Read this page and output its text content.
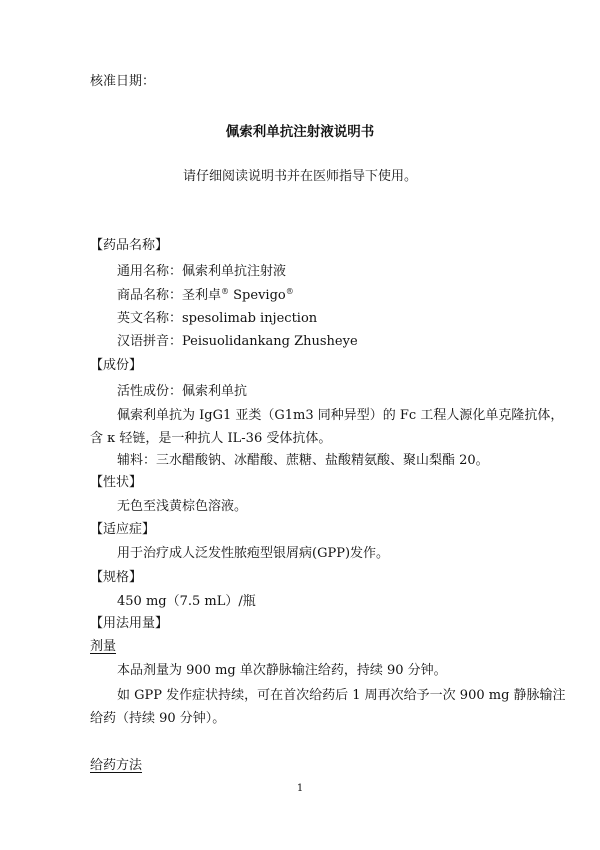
核准日期：
佩索利单抗注射液说明书
请仔细阅读说明书并在医师指导下使用。
【药品名称】
通用名称：佩索利单抗注射液
商品名称：圣利卓® Spevigo®
英文名称：spesolimab injection
汉语拼音：Peisuolidankang Zhusheye
【成份】
活性成份：佩索利单抗
佩索利单抗为 IgG1 亚类（G1m3 同种异型）的 Fc 工程人源化单克隆抗体，
含 κ 轻链，是一种抗人 IL-36 受体抗体。
辅料：三水醋酸钠、冰醋酸、蔗糖、盐酸精氨酸、聚山梨酯 20。
【性状】
无色至浅黄棕色溶液。
【适应症】
用于治疗成人泛发性脓疱型银屑病(GPP)发作。
【规格】
450 mg（7.5 mL）/瓶
【用法用量】
剂量
本品剂量为 900 mg 单次静脉输注给药，持续 90 分钟。
如 GPP 发作症状持续，可在首次给药后 1 周再次给予一次 900 mg 静脉输注
给药（持续 90 分钟）。
给药方法
1
